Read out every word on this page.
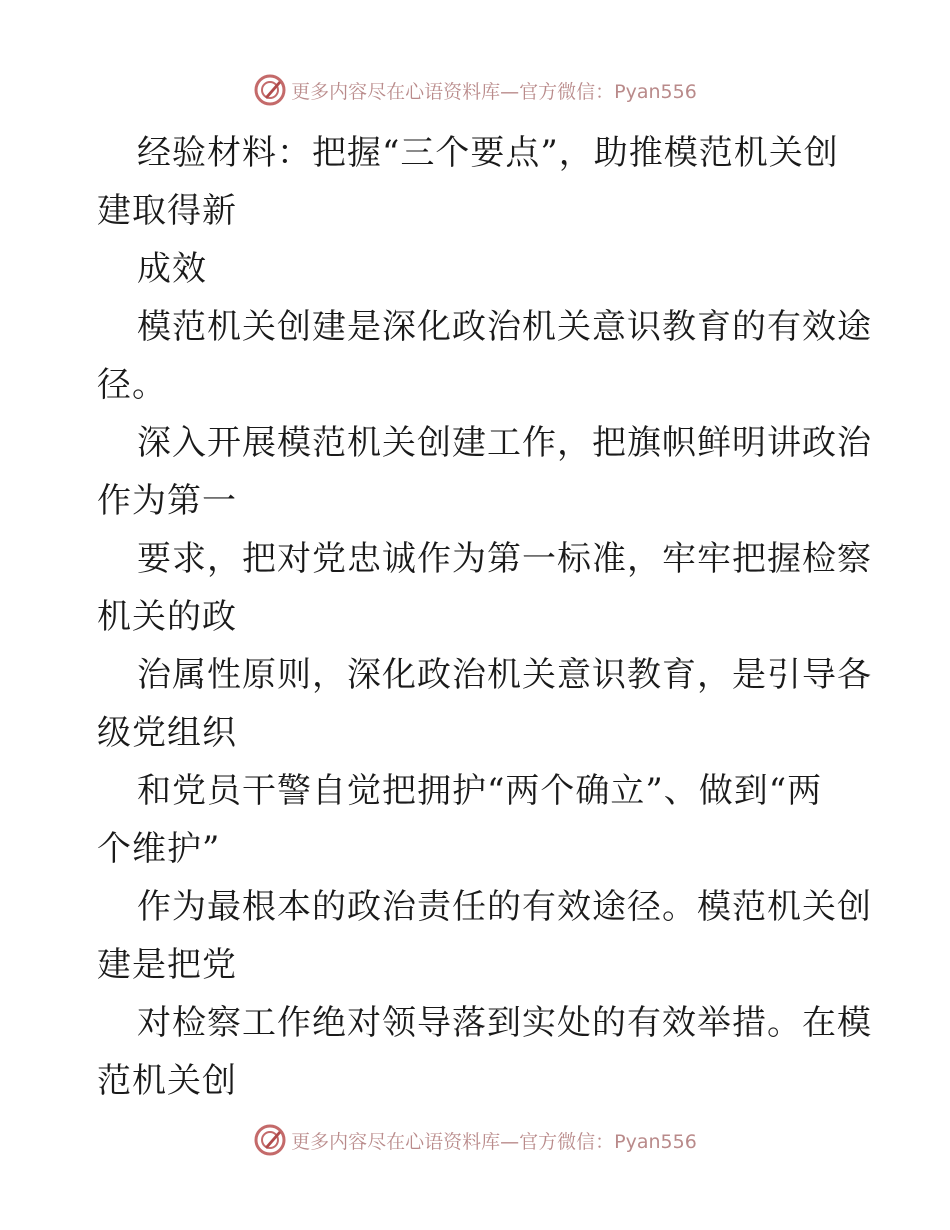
更多内容尽在心语资料库—官方微信：Pyan556
经验材料：把握“三个要点”，助推模范机关创
建取得新
成效
模范机关创建是深化政治机关意识教育的有效途
径。
深入开展模范机关创建工作，把旗帜鲜明讲政治
作为第一
要求，把对党忠诚作为第一标准，牢牢把握检察
机关的政
治属性原则，深化政治机关意识教育，是引导各
级党组织
和党员干警自觉把拥护“两个确立”、做到“两
个维护”
作为最根本的政治责任的有效途径。模范机关创
建是把党
对检察工作绝对领导落到实处的有效举措。在模
范机关创
更多内容尽在心语资料库—官方微信：Pyan556
